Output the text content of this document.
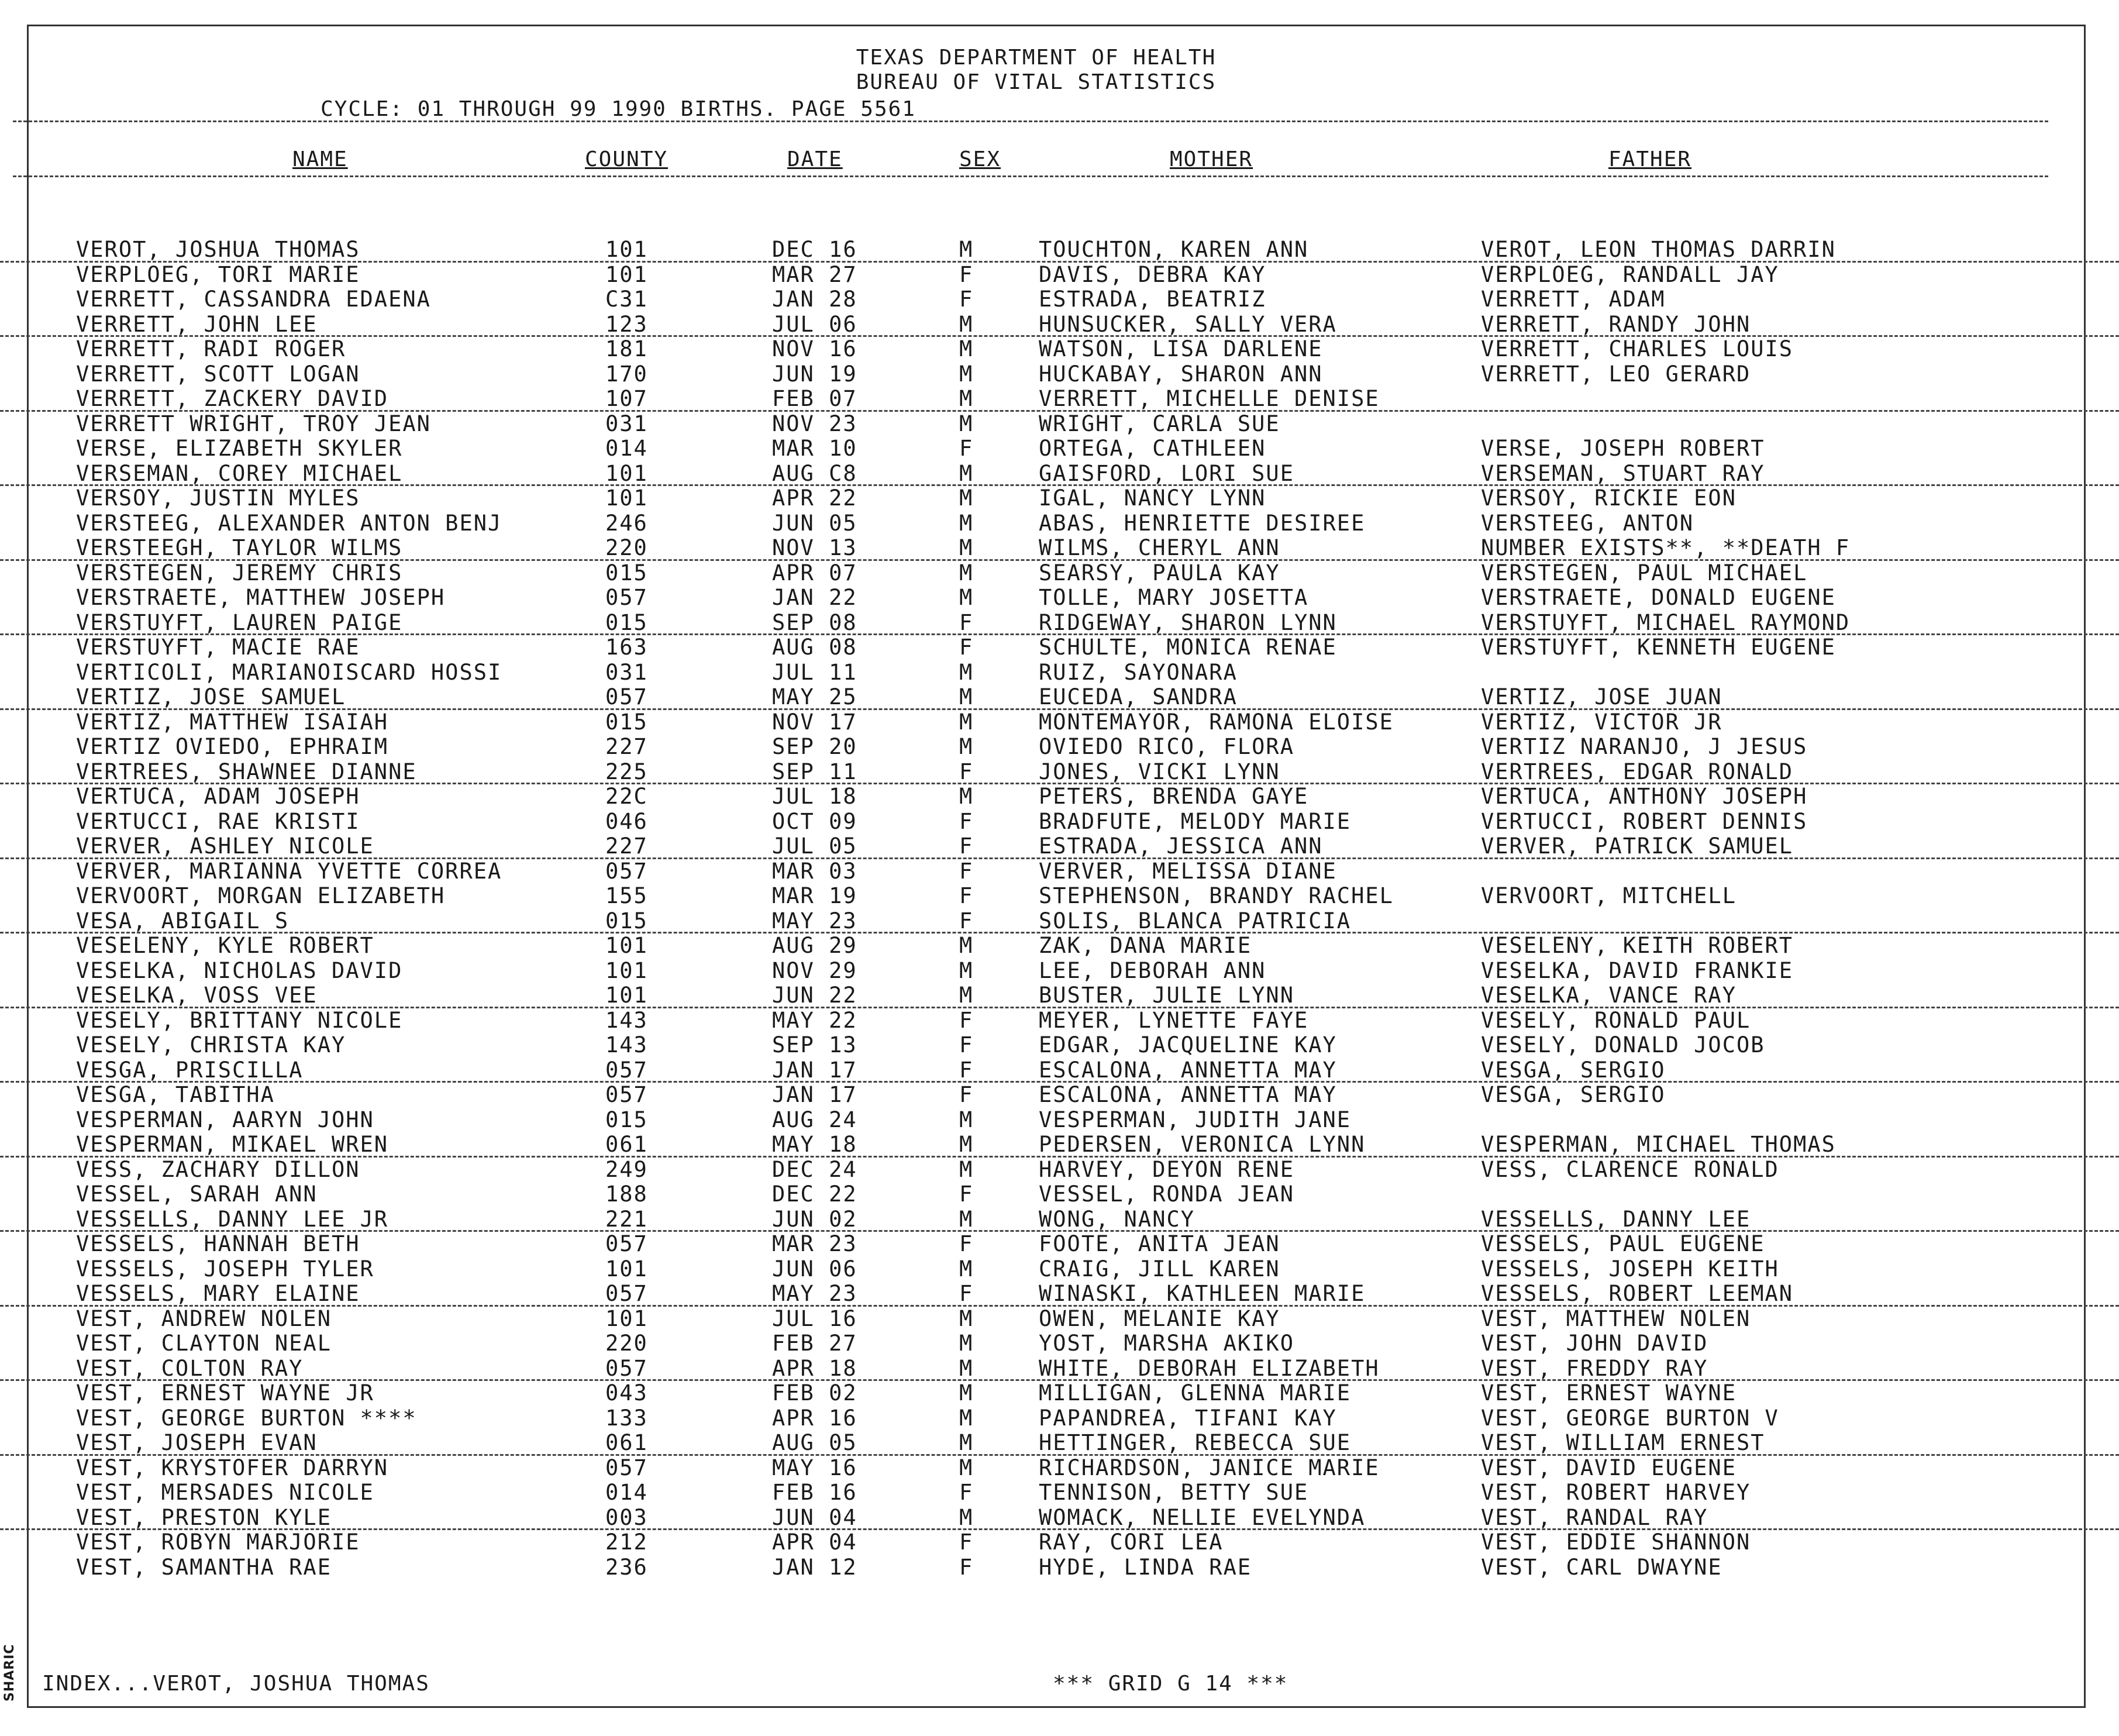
TEXAS DEPARTMENT OF HEALTH
BUREAU OF VITAL STATISTICS
CYCLE: 01 THROUGH 99 1990 BIRTHS. PAGE 5561
NAME	COUNTY	DATE	SEX	MOTHER	FATHER
VEROT, JOSHUA THOMAS	101	DEC 16	M	TOUCHTON, KAREN ANN	VEROT, LEON THOMAS DARRIN
VERPLOEG, TORI MARIE	101	MAR 27	F	DAVIS, DEBRA KAY	VERPLOEG, RANDALL JAY
VERRETT, CASSANDRA EDAENA	C31	JAN 28	F	ESTRADA, BEATRIZ	VERRETT, ADAM
VERRETT, JOHN LEE	123	JUL 06	M	HUNSUCKER, SALLY VERA	VERRETT, RANDY JOHN
VERRETT, RADI ROGER	181	NOV 16	M	WATSON, LISA DARLENE	VERRETT, CHARLES LOUIS
VERRETT, SCOTT LOGAN	170	JUN 19	M	HUCKABAY, SHARON ANN	VERRETT, LEO GERARD
VERRETT, ZACKERY DAVID	107	FEB 07	M	VERRETT, MICHELLE DENISE
VERRETT WRIGHT, TROY JEAN	031	NOV 23	M	WRIGHT, CARLA SUE
VERSE, ELIZABETH SKYLER	014	MAR 10	F	ORTEGA, CATHLEEN	VERSE, JOSEPH ROBERT
VERSEMAN, COREY MICHAEL	101	AUG C8	M	GAISFORD, LORI SUE	VERSEMAN, STUART RAY
VERSOY, JUSTIN MYLES	101	APR 22	M	IGAL, NANCY LYNN	VERSOY, RICKIE EON
VERSTEEG, ALEXANDER ANTON BENJ	246	JUN 05	M	ABAS, HENRIETTE DESIREE	VERSTEEG, ANTON
VERSTEEGH, TAYLOR WILMS	220	NOV 13	M	WILMS, CHERYL ANN	NUMBER EXISTS**, **DEATH F
VERSTEGEN, JEREMY CHRIS	015	APR 07	M	SEARSY, PAULA KAY	VERSTEGEN, PAUL MICHAEL
VERSTRAETE, MATTHEW JOSEPH	057	JAN 22	M	TOLLE, MARY JOSETTA	VERSTRAETE, DONALD EUGENE
VERSTUYFT, LAUREN PAIGE	015	SEP 08	F	RIDGEWAY, SHARON LYNN	VERSTUYFT, MICHAEL RAYMOND
VERSTUYFT, MACIE RAE	163	AUG 08	F	SCHULTE, MONICA RENAE	VERSTUYFT, KENNETH EUGENE
VERTICOLI, MARIANOISCARD HOSSI	031	JUL 11	M	RUIZ, SAYONARA
VERTIZ, JOSE SAMUEL	057	MAY 25	M	EUCEDA, SANDRA	VERTIZ, JOSE JUAN
VERTIZ, MATTHEW ISAIAH	015	NOV 17	M	MONTEMAYOR, RAMONA ELOISE	VERTIZ, VICTOR JR
VERTIZ OVIEDO, EPHRAIM	227	SEP 20	M	OVIEDO RICO, FLORA	VERTIZ NARANJO, J JESUS
VERTREES, SHAWNEE DIANNE	225	SEP 11	F	JONES, VICKI LYNN	VERTREES, EDGAR RONALD
VERTUCA, ADAM JOSEPH	22C	JUL 18	M	PETERS, BRENDA GAYE	VERTUCA, ANTHONY JOSEPH
VERTUCCI, RAE KRISTI	046	OCT 09	F	BRADFUTE, MELODY MARIE	VERTUCCI, ROBERT DENNIS
VERVER, ASHLEY NICOLE	227	JUL 05	F	ESTRADA, JESSICA ANN	VERVER, PATRICK SAMUEL
VERVER, MARIANNA YVETTE CORREA	057	MAR 03	F	VERVER, MELISSA DIANE
VERVOORT, MORGAN ELIZABETH	155	MAR 19	F	STEPHENSON, BRANDY RACHEL	VERVOORT, MITCHELL
VESA, ABIGAIL S	015	MAY 23	F	SOLIS, BLANCA PATRICIA
VESELENY, KYLE ROBERT	101	AUG 29	M	ZAK, DANA MARIE	VESELENY, KEITH ROBERT
VESELKA, NICHOLAS DAVID	101	NOV 29	M	LEE, DEBORAH ANN	VESELKA, DAVID FRANKIE
VESELKA, VOSS VEE	101	JUN 22	M	BUSTER, JULIE LYNN	VESELKA, VANCE RAY
VESELY, BRITTANY NICOLE	143	MAY 22	F	MEYER, LYNETTE FAYE	VESELY, RONALD PAUL
VESELY, CHRISTA KAY	143	SEP 13	F	EDGAR, JACQUELINE KAY	VESELY, DONALD JOCOB
VESGA, PRISCILLA	057	JAN 17	F	ESCALONA, ANNETTA MAY	VESGA, SERGIO
VESGA, TABITHA	057	JAN 17	F	ESCALONA, ANNETTA MAY	VESGA, SERGIO
VESPERMAN, AARYN JOHN	015	AUG 24	M	VESPERMAN, JUDITH JANE
VESPERMAN, MIKAEL WREN	061	MAY 18	M	PEDERSEN, VERONICA LYNN	VESPERMAN, MICHAEL THOMAS
VESS, ZACHARY DILLON	249	DEC 24	M	HARVEY, DEYON RENE	VESS, CLARENCE RONALD
VESSEL, SARAH ANN	188	DEC 22	F	VESSEL, RONDA JEAN
VESSELLS, DANNY LEE JR	221	JUN 02	M	WONG, NANCY	VESSELLS, DANNY LEE
VESSELS, HANNAH BETH	057	MAR 23	F	FOOTE, ANITA JEAN	VESSELS, PAUL EUGENE
VESSELS, JOSEPH TYLER	101	JUN 06	M	CRAIG, JILL KAREN	VESSELS, JOSEPH KEITH
VESSELS, MARY ELAINE	057	MAY 23	F	WINASKI, KATHLEEN MARIE	VESSELS, ROBERT LEEMAN
VEST, ANDREW NOLEN	101	JUL 16	M	OWEN, MELANIE KAY	VEST, MATTHEW NOLEN
VEST, CLAYTON NEAL	220	FEB 27	M	YOST, MARSHA AKIKO	VEST, JOHN DAVID
VEST, COLTON RAY	057	APR 18	M	WHITE, DEBORAH ELIZABETH	VEST, FREDDY RAY
VEST, ERNEST WAYNE JR	043	FEB 02	M	MILLIGAN, GLENNA MARIE	VEST, ERNEST WAYNE
VEST, GEORGE BURTON ****	133	APR 16	M	PAPANDREA, TIFANI KAY	VEST, GEORGE BURTON V
VEST, JOSEPH EVAN	061	AUG 05	M	HETTINGER, REBECCA SUE	VEST, WILLIAM ERNEST
VEST, KRYSTOFER DARRYN	057	MAY 16	M	RICHARDSON, JANICE MARIE	VEST, DAVID EUGENE
VEST, MERSADES NICOLE	014	FEB 16	F	TENNISON, BETTY SUE	VEST, ROBERT HARVEY
VEST, PRESTON KYLE	003	JUN 04	M	WOMACK, NELLIE EVELYNDA	VEST, RANDAL RAY
VEST, ROBYN MARJORIE	212	APR 04	F	RAY, CORI LEA	VEST, EDDIE SHANNON
VEST, SAMANTHA RAE	236	JAN 12	F	HYDE, LINDA RAE	VEST, CARL DWAYNE
INDEX...VEROT, JOSHUA THOMAS	*** GRID G 14 ***
SHARIC
